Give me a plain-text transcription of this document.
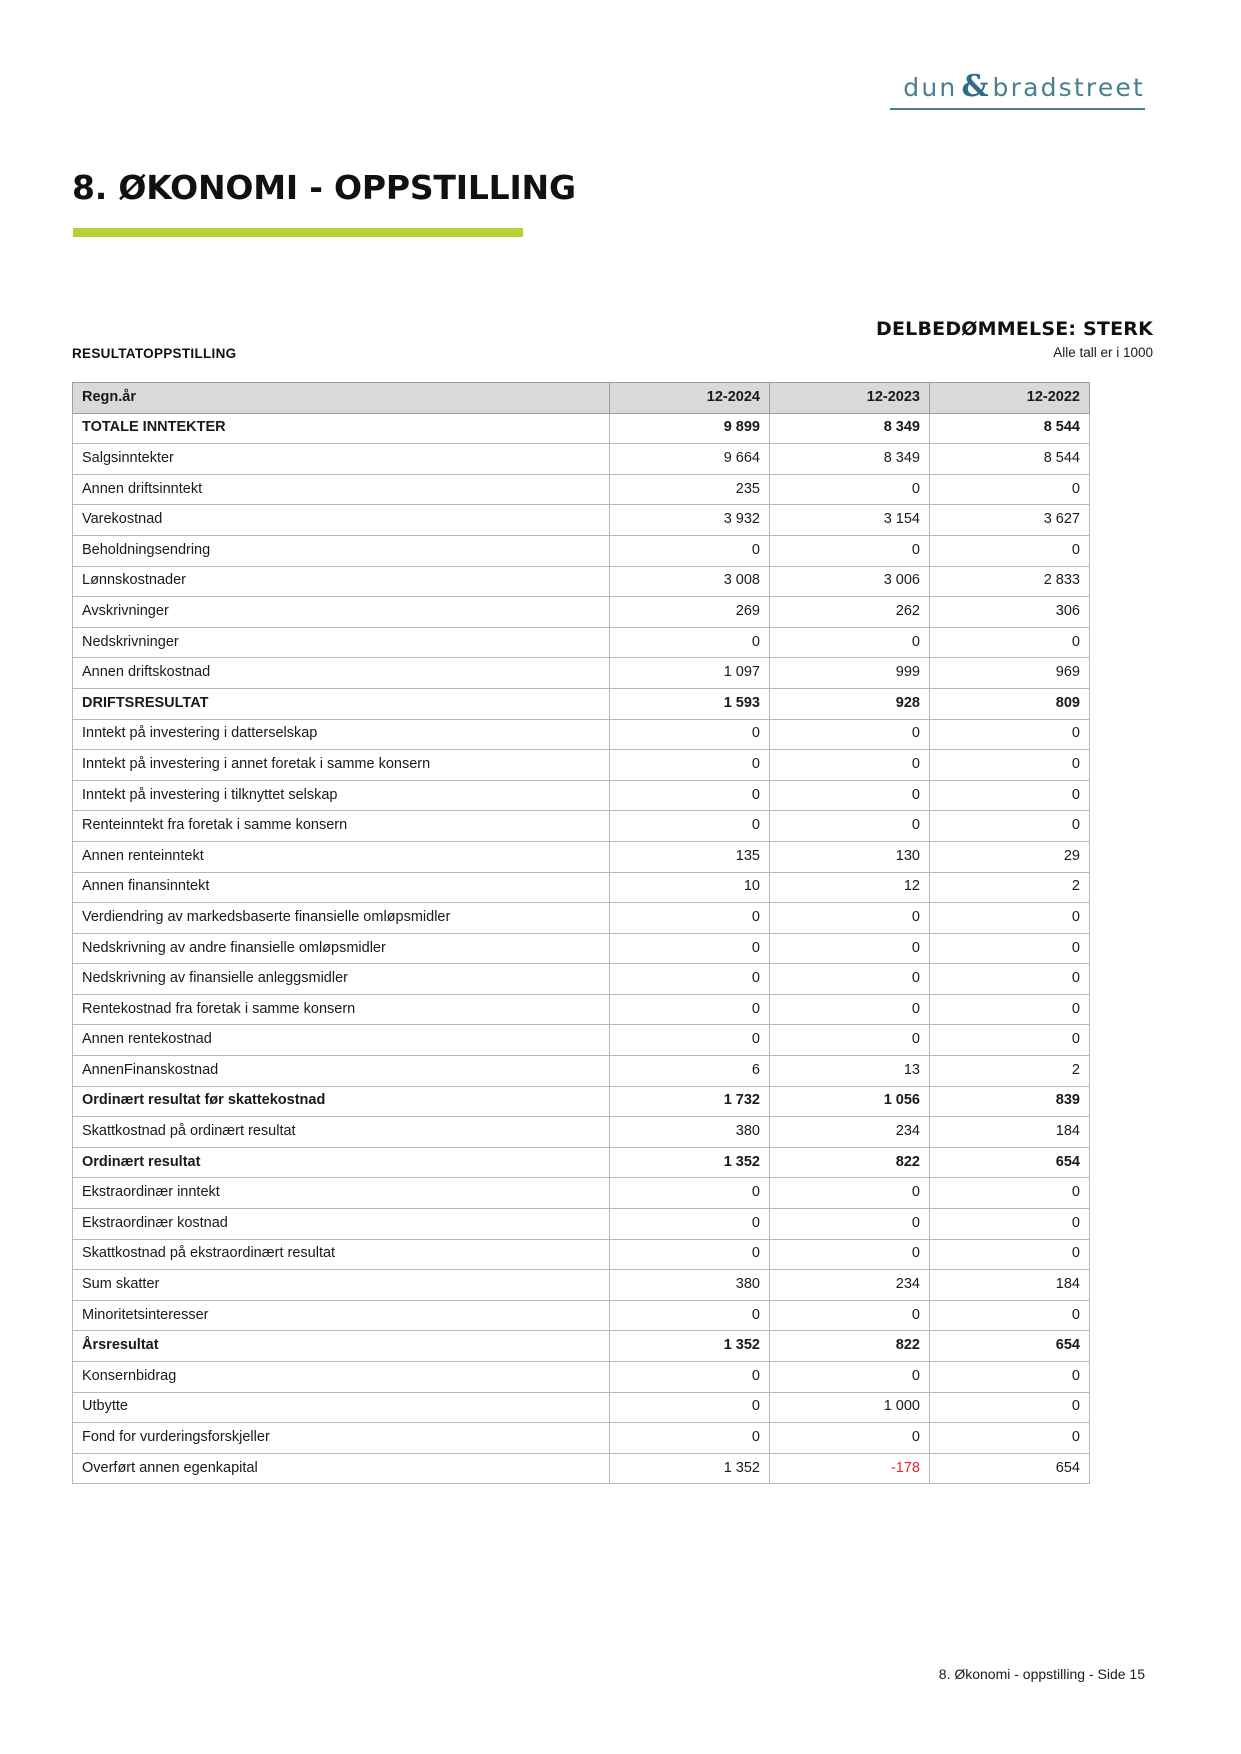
dun & bradstreet
8. ØKONOMI - OPPSTILLING
DELBEDØMMELSE: STERK
RESULTATOPPSTILLING	Alle tall er i 1000
Regn.år	12-2024	12-2023	12-2022
TOTALE INNTEKTER	9 899	8 349	8 544
Salgsinntekter	9 664	8 349	8 544
Annen driftsinntekt	235	0	0
Varekostnad	3 932	3 154	3 627
Beholdningsendring	0	0	0
Lønnskostnader	3 008	3 006	2 833
Avskrivninger	269	262	306
Nedskrivninger	0	0	0
Annen driftskostnad	1 097	999	969
DRIFTSRESULTAT	1 593	928	809
Inntekt på investering i datterselskap	0	0	0
Inntekt på investering i annet foretak i samme konsern	0	0	0
Inntekt på investering i tilknyttet selskap	0	0	0
Renteinntekt fra foretak i samme konsern	0	0	0
Annen renteinntekt	135	130	29
Annen finansinntekt	10	12	2
Verdiendring av markedsbaserte finansielle omløpsmidler	0	0	0
Nedskrivning av andre finansielle omløpsmidler	0	0	0
Nedskrivning av finansielle anleggsmidler	0	0	0
Rentekostnad fra foretak i samme konsern	0	0	0
Annen rentekostnad	0	0	0
AnnenFinanskostnad	6	13	2
Ordinært resultat før skattekostnad	1 732	1 056	839
Skattkostnad på ordinært resultat	380	234	184
Ordinært resultat	1 352	822	654
Ekstraordinær inntekt	0	0	0
Ekstraordinær kostnad	0	0	0
Skattkostnad på ekstraordinært resultat	0	0	0
Sum skatter	380	234	184
Minoritetsinteresser	0	0	0
Årsresultat	1 352	822	654
Konsernbidrag	0	0	0
Utbytte	0	1 000	0
Fond for vurderingsforskjeller	0	0	0
Overført annen egenkapital	1 352	-178	654
8. Økonomi - oppstilling - Side 15
